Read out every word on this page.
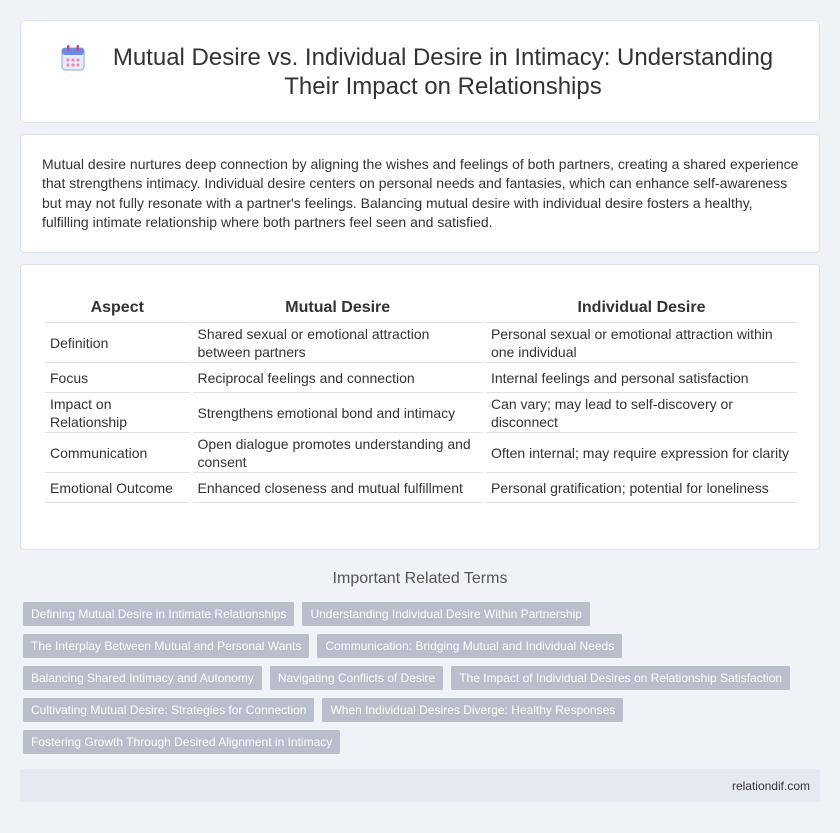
Mutual Desire vs. Individual Desire in Intimacy: Understanding Their Impact on Relationships

Mutual desire nurtures deep connection by aligning the wishes and feelings of both partners, creating a shared experience that strengthens intimacy. Individual desire centers on personal needs and fantasies, which can enhance self-awareness but may not fully resonate with a partner's feelings. Balancing mutual desire with individual desire fosters a healthy, fulfilling intimate relationship where both partners feel seen and satisfied.

Aspect	Mutual Desire	Individual Desire
Definition	Shared sexual or emotional attraction between partners	Personal sexual or emotional attraction within one individual
Focus	Reciprocal feelings and connection	Internal feelings and personal satisfaction
Impact on Relationship	Strengthens emotional bond and intimacy	Can vary; may lead to self-discovery or disconnect
Communication	Open dialogue promotes understanding and consent	Often internal; may require expression for clarity
Emotional Outcome	Enhanced closeness and mutual fulfillment	Personal gratification; potential for loneliness
Important Related Terms
Defining Mutual Desire in Intimate Relationships	Understanding Individual Desire Within Partnership
The Interplay Between Mutual and Personal Wants	Communication: Bridging Mutual and Individual Needs
Balancing Shared Intimacy and Autonomy	Navigating Conflicts of Desire	The Impact of Individual Desires on Relationship Satisfaction
Cultivating Mutual Desire: Strategies for Connection	When Individual Desires Diverge: Healthy Responses
Fostering Growth Through Desired Alignment in Intimacy
relationdif.com
